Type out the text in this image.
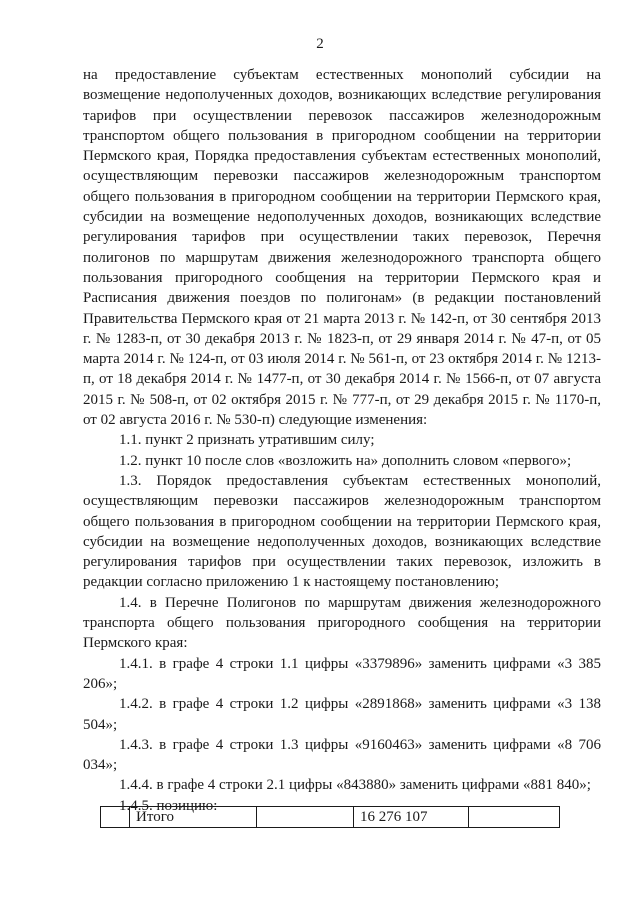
2

на предоставление субъектам естественных монополий субсидии на возмещение недополученных доходов, возникающих вследствие регулирования тарифов при осуществлении перевозок пассажиров железнодорожным транспортом общего пользования в пригородном сообщении на территории Пермского края, Порядка предоставления субъектам естественных монополий, осуществляющим перевозки пассажиров железнодорожным транспортом общего пользования в пригородном сообщении на территории Пермского края, субсидии на возмещение недополученных доходов, возникающих вследствие регулирования тарифов при осуществлении таких перевозок, Перечня полигонов по маршрутам движения железнодорожного транспорта общего пользования пригородного сообщения на территории Пермского края и Расписания движения поездов по полигонам» (в редакции постановлений Правительства Пермского края от 21 марта 2013 г. № 142-п, от 30 сентября 2013 г. № 1283-п, от 30 декабря 2013 г. № 1823-п, от 29 января 2014 г. № 47-п, от 05 марта 2014 г. № 124-п, от 03 июля 2014 г. № 561-п, от 23 октября 2014 г. № 1213-п, от 18 декабря 2014 г. № 1477-п, от 30 декабря 2014 г. № 1566-п, от 07 августа 2015 г. № 508-п, от 02 октября 2015 г. № 777-п, от 29 декабря 2015 г. № 1170-п, от 02 августа 2016 г. № 530-п) следующие изменения:

1.1. пункт 2 признать утратившим силу;

1.2. пункт 10 после слов «возложить на» дополнить словом «первого»;

1.3. Порядок предоставления субъектам естественных монополий, осуществляющим перевозки пассажиров железнодорожным транспортом общего пользования в пригородном сообщении на территории Пермского края, субсидии на возмещение недополученных доходов, возникающих вследствие регулирования тарифов при осуществлении таких перевозок, изложить в редакции согласно приложению 1 к настоящему постановлению;

1.4. в Перечне Полигонов по маршрутам движения железнодорожного транспорта общего пользования пригородного сообщения на территории Пермского края:

1.4.1. в графе 4 строки 1.1 цифры «3379896» заменить цифрами «3 385 206»;

1.4.2. в графе 4 строки 1.2 цифры «2891868» заменить цифрами «3 138 504»;

1.4.3. в графе 4 строки 1.3 цифры «9160463» заменить цифрами «8 706 034»;

1.4.4. в графе 4 строки 2.1 цифры «843880» заменить цифрами «881 840»;

1.4.5. позицию:

	Итого		16 276 107	
